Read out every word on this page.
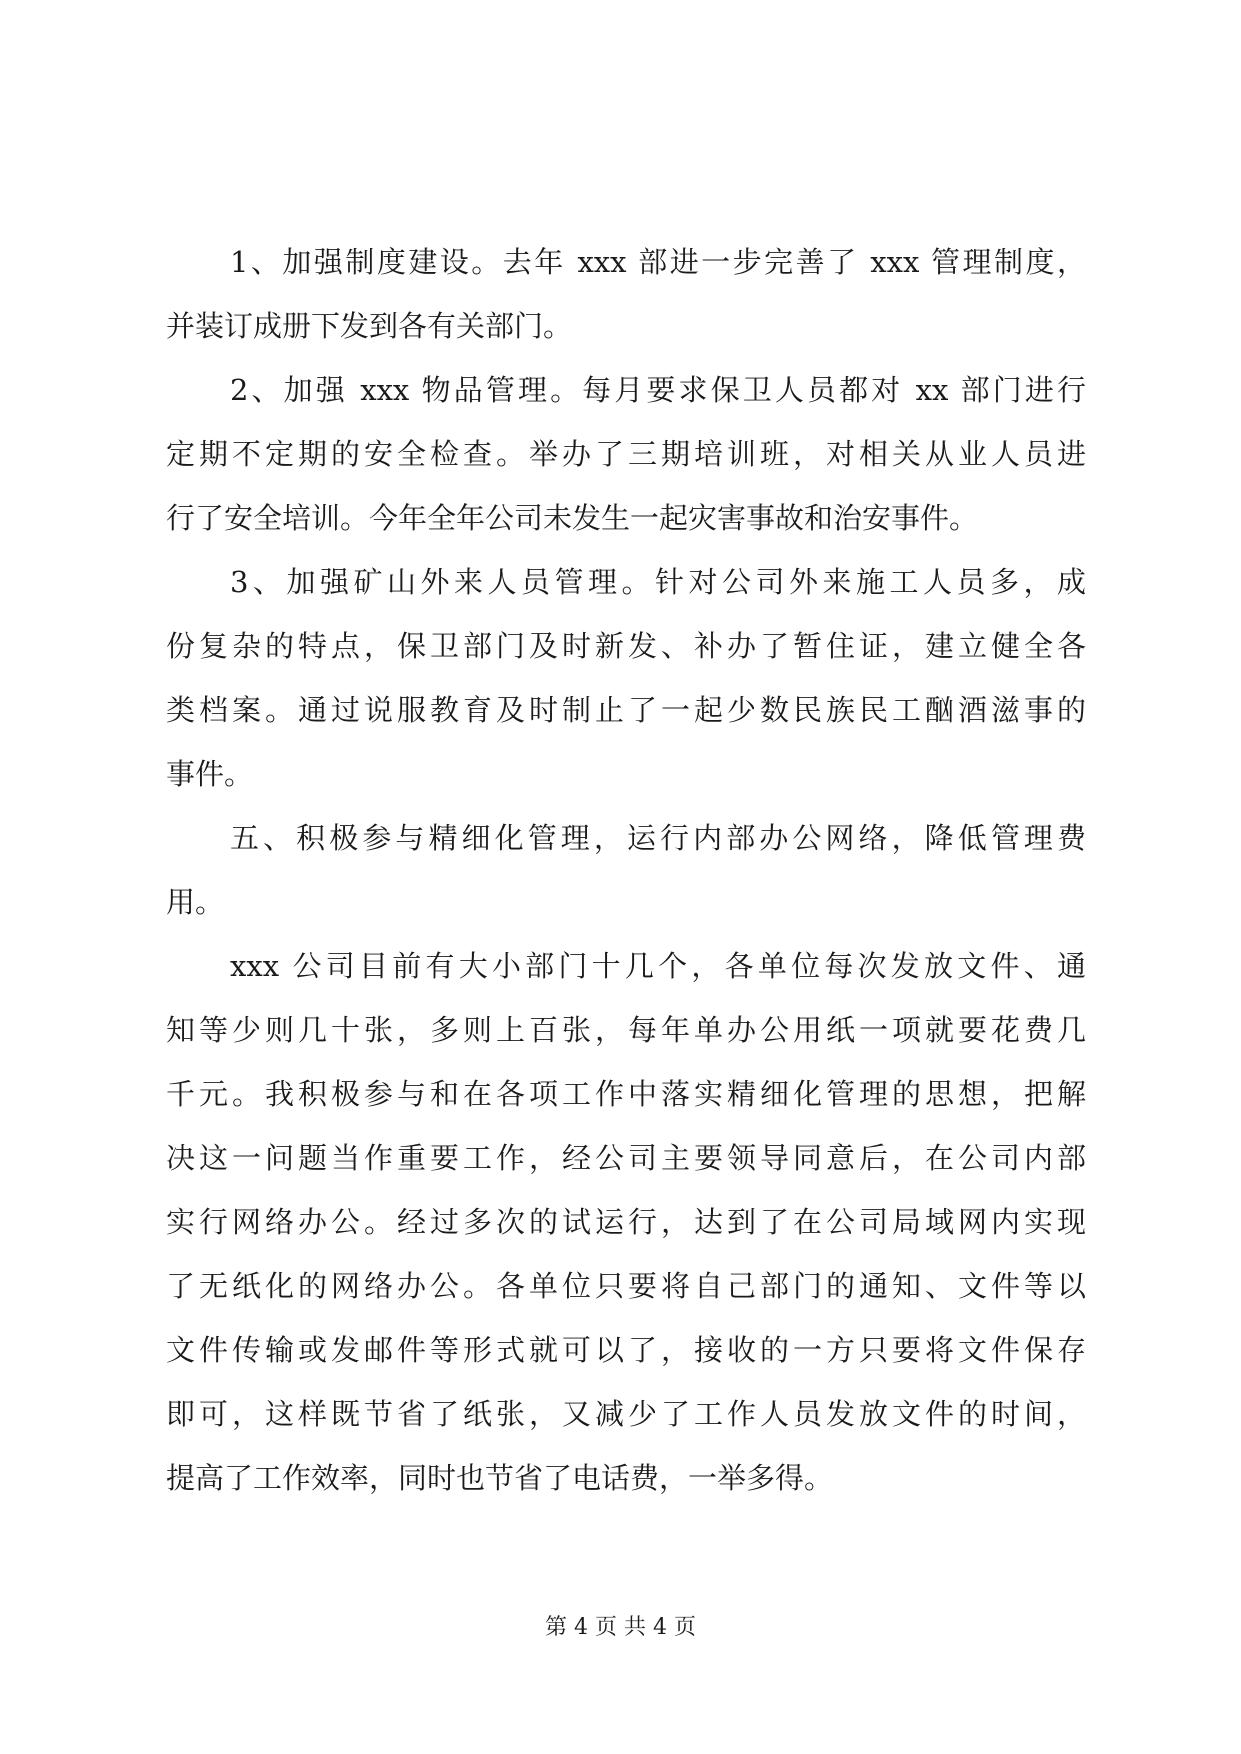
1、加强制度建设。去年 xxx 部进一步完善了 xxx 管理制度，
并装订成册下发到各有关部门。
2、加强 xxx 物品管理。每月要求保卫人员都对 xx 部门进行
定期不定期的安全检查。举办了三期培训班，对相关从业人员进
行了安全培训。今年全年公司未发生一起灾害事故和治安事件。
3、加强矿山外来人员管理。针对公司外来施工人员多，成
份复杂的特点，保卫部门及时新发、补办了暂住证，建立健全各
类档案。通过说服教育及时制止了一起少数民族民工酗酒滋事的
事件。
五、积极参与精细化管理，运行内部办公网络，降低管理费
用。
xxx 公司目前有大小部门十几个，各单位每次发放文件、通
知等少则几十张，多则上百张，每年单办公用纸一项就要花费几
千元。我积极参与和在各项工作中落实精细化管理的思想，把解
决这一问题当作重要工作，经公司主要领导同意后，在公司内部
实行网络办公。经过多次的试运行，达到了在公司局域网内实现
了无纸化的网络办公。各单位只要将自己部门的通知、文件等以
文件传输或发邮件等形式就可以了，接收的一方只要将文件保存
即可，这样既节省了纸张，又减少了工作人员发放文件的时间，
提高了工作效率，同时也节省了电话费，一举多得。
第 4 页 共 4 页
